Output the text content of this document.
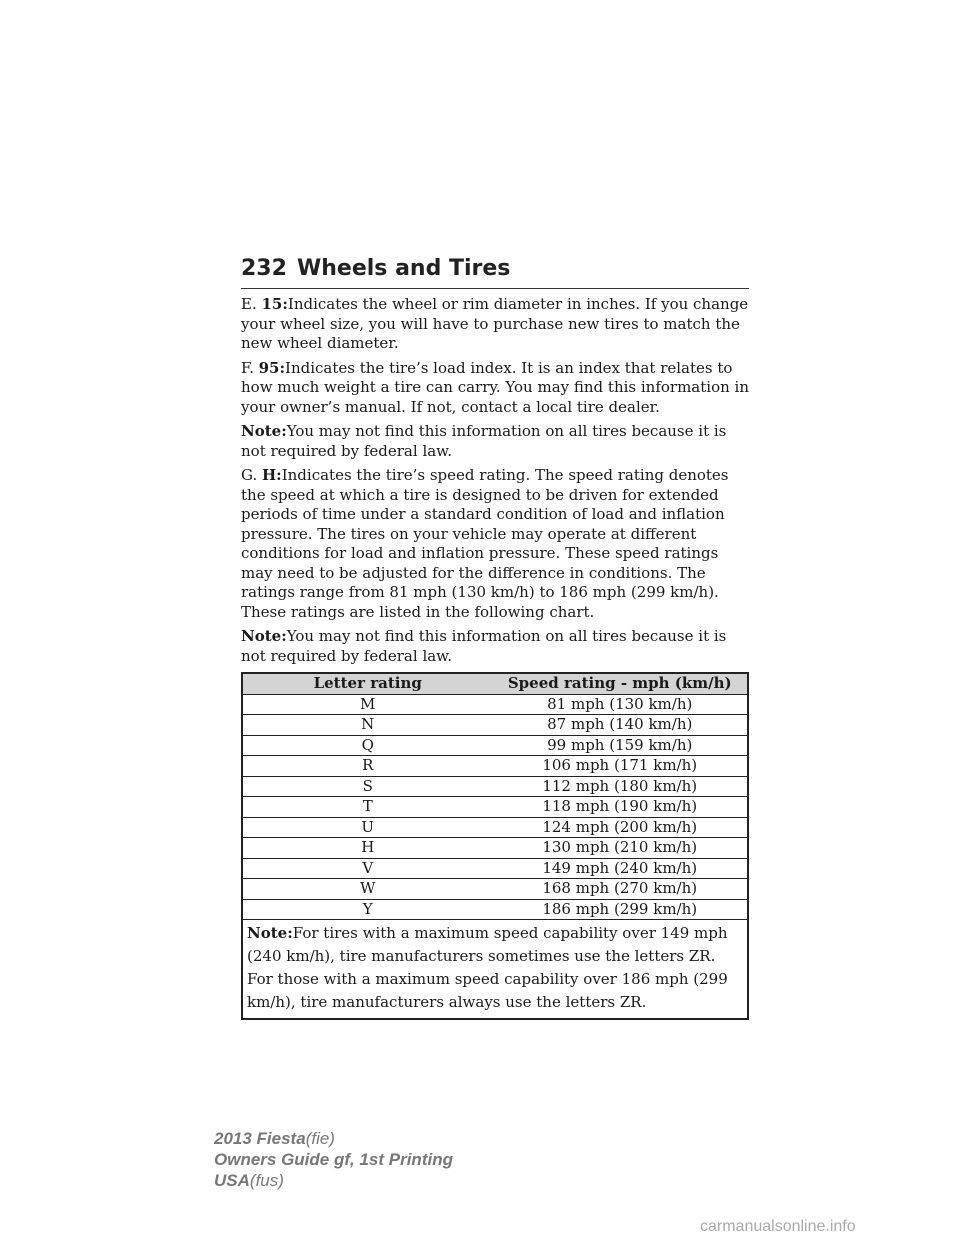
232 Wheels and Tires

E. 15:Indicates the wheel or rim diameter in inches. If you change your wheel size, you will have to purchase new tires to match the new wheel diameter.

F. 95:Indicates the tire’s load index. It is an index that relates to how much weight a tire can carry. You may find this information in your owner’s manual. If not, contact a local tire dealer.

Note:You may not find this information on all tires because it is not required by federal law.

G. H:Indicates the tire’s speed rating. The speed rating denotes the speed at which a tire is designed to be driven for extended periods of time under a standard condition of load and inflation pressure. The tires on your vehicle may operate at different conditions for load and inflation pressure. These speed ratings may need to be adjusted for the difference in conditions. The ratings range from 81 mph (130 km/h) to 186 mph (299 km/h). These ratings are listed in the following chart.

Note:You may not find this information on all tires because it is not required by federal law.

Letter rating	Speed rating - mph (km/h)
M	81 mph (130 km/h)
N	87 mph (140 km/h)
Q	99 mph (159 km/h)
R	106 mph (171 km/h)
S	112 mph (180 km/h)
T	118 mph (190 km/h)
U	124 mph (200 km/h)
H	130 mph (210 km/h)
V	149 mph (240 km/h)
W	168 mph (270 km/h)
Y	186 mph (299 km/h)
Note:For tires with a maximum speed capability over 149 mph (240 km/h), tire manufacturers sometimes use the letters ZR. For those with a maximum speed capability over 186 mph (299 km/h), tire manufacturers always use the letters ZR.	
2013 Fiesta(fie)
Owners Guide gf, 1st Printing
USA(fus)
carmanualsonline.info
